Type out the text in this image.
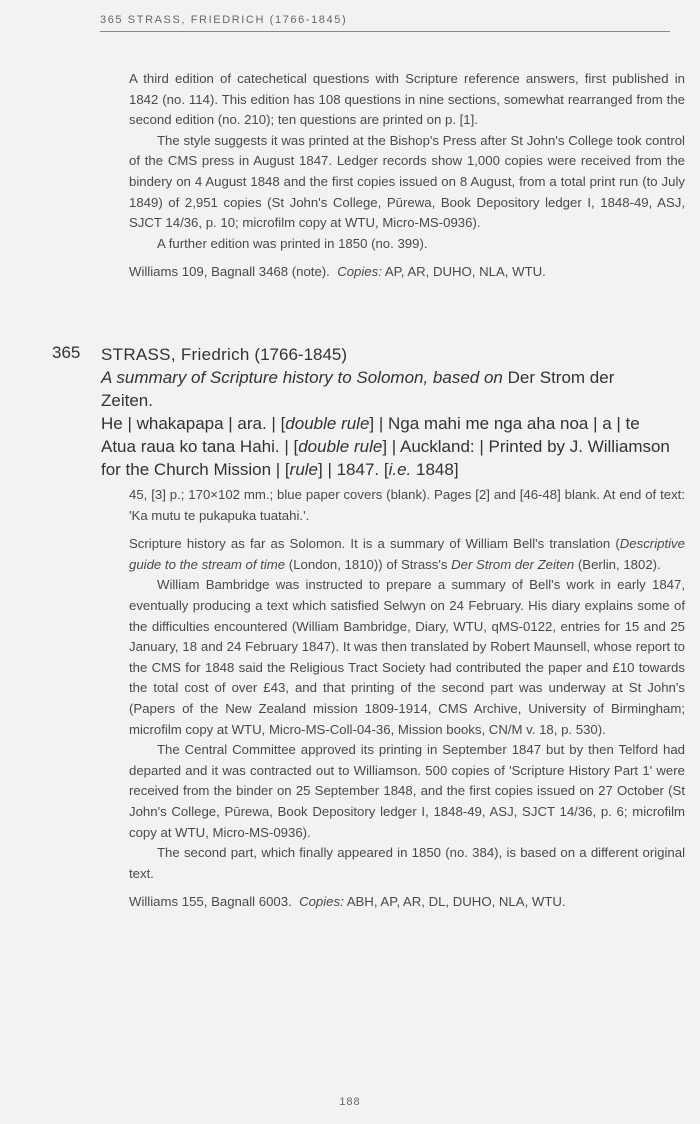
365 STRASS, FRIEDRICH (1766-1845)

A third edition of catechetical questions with Scripture reference answers, first published in 1842 (no. 114). This edition has 108 questions in nine sections, somewhat rearranged from the second edition (no. 210); ten questions are printed on p. [1].

The style suggests it was printed at the Bishop's Press after St John's College took control of the CMS press in August 1847. Ledger records show 1,000 copies were received from the bindery on 4 August 1848 and the first copies issued on 8 August, from a total print run (to July 1849) of 2,951 copies (St John's College, Pūrewa, Book Depository ledger I, 1848-49, ASJ, SJCT 14/36, p. 10; microfilm copy at WTU, Micro-MS-0936).

A further edition was printed in 1850 (no. 399).

Williams 109, Bagnall 3468 (note). Copies: AP, AR, DUHO, NLA, WTU.

365 STRASS, Friedrich (1766-1845)

A summary of Scripture history to Solomon, based on Der Strom der Zeiten.

He | whakapapa | ara. | [double rule] | Nga mahi me nga aha noa | a | te Atua raua ko tana Hahi. | [double rule] | Auckland: | Printed by J. Williamson for the Church Mission | [rule] | 1847. [i.e. 1848]

45, [3] p.; 170×102 mm.; blue paper covers (blank). Pages [2] and [46-48] blank. At end of text: 'Ka mutu te pukapuka tuatahi.'.

Scripture history as far as Solomon. It is a summary of William Bell's translation (Descriptive guide to the stream of time (London, 1810)) of Strass's Der Strom der Zeiten (Berlin, 1802).

William Bambridge was instructed to prepare a summary of Bell's work in early 1847, eventually producing a text which satisfied Selwyn on 24 February. His diary explains some of the difficulties encountered (William Bambridge, Diary, WTU, qMS-0122, entries for 15 and 25 January, 18 and 24 February 1847). It was then translated by Robert Maunsell, whose report to the CMS for 1848 said the Religious Tract Society had contributed the paper and £10 towards the total cost of over £43, and that printing of the second part was underway at St John's (Papers of the New Zealand mission 1809-1914, CMS Archive, University of Birmingham; microfilm copy at WTU, Micro-MS-Coll-04-36, Mission books, CN/M v. 18, p. 530).

The Central Committee approved its printing in September 1847 but by then Telford had departed and it was contracted out to Williamson. 500 copies of 'Scripture History Part 1' were received from the binder on 25 September 1848, and the first copies issued on 27 October (St John's College, Pūrewa, Book Depository ledger I, 1848-49, ASJ, SJCT 14/36, p. 6; microfilm copy at WTU, Micro-MS-0936).

The second part, which finally appeared in 1850 (no. 384), is based on a different original text.

Williams 155, Bagnall 6003. Copies: ABH, AP, AR, DL, DUHO, NLA, WTU.

188
